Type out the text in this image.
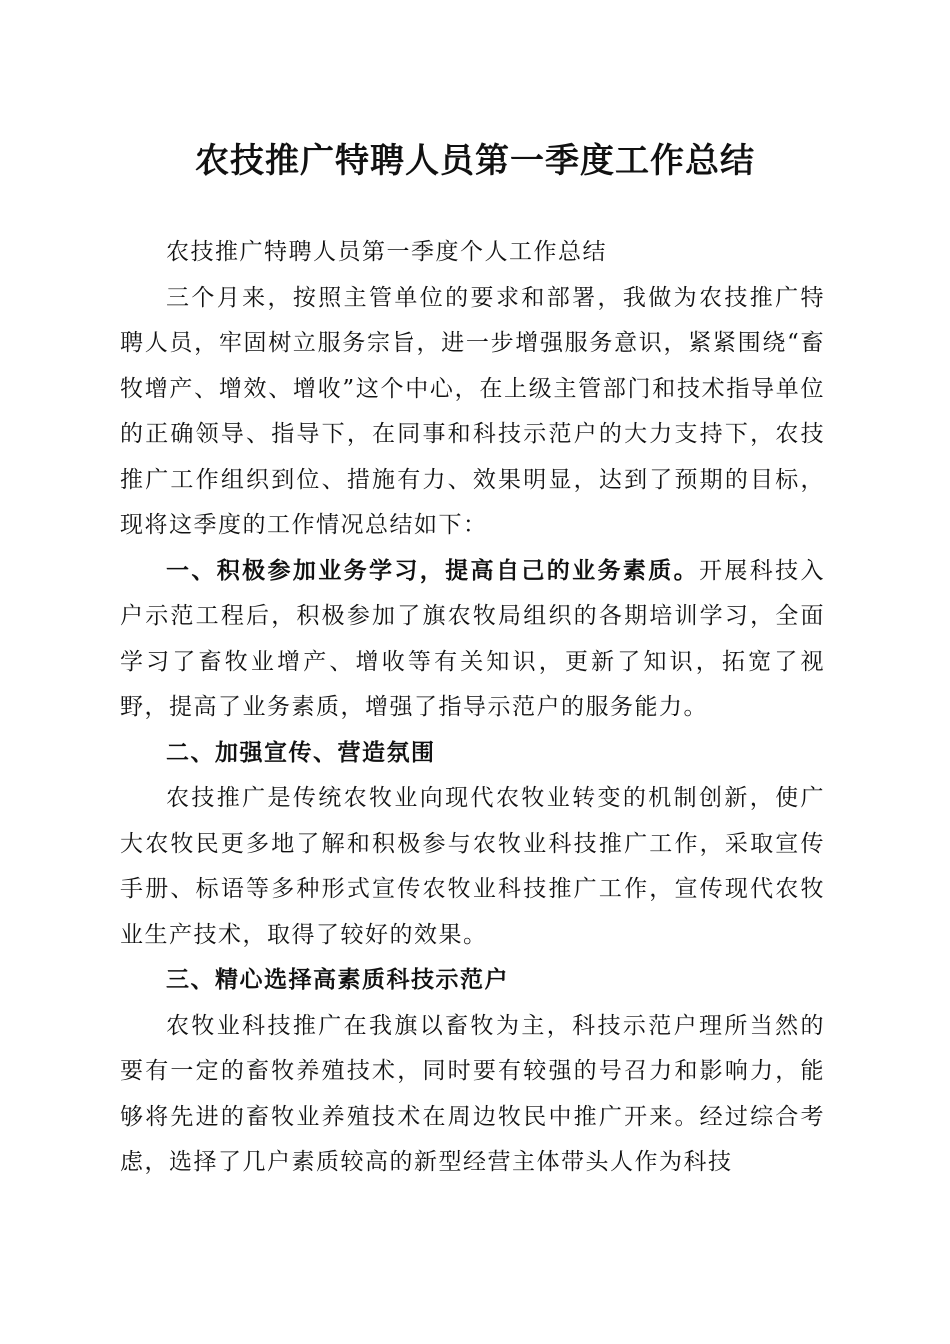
农技推广特聘人员第一季度工作总结

农技推广特聘人员第一季度个人工作总结

三个月来，按照主管单位的要求和部署，我做为农技推广特聘人员，牢固树立服务宗旨，进一步增强服务意识，紧紧围绕“畜牧增产、增效、增收”这个中心，在上级主管部门和技术指导单位的正确领导、指导下，在同事和科技示范户的大力支持下，农技推广工作组织到位、措施有力、效果明显，达到了预期的目标，现将这季度的工作情况总结如下：

一、积极参加业务学习，提高自己的业务素质。开展科技入户示范工程后，积极参加了旗农牧局组织的各期培训学习，全面学习了畜牧业增产、增收等有关知识，更新了知识，拓宽了视野，提高了业务素质，增强了指导示范户的服务能力。

二、加强宣传、营造氛围

农技推广是传统农牧业向现代农牧业转变的机制创新，使广大农牧民更多地了解和积极参与农牧业科技推广工作，采取宣传手册、标语等多种形式宣传农牧业科技推广工作，宣传现代农牧业生产技术，取得了较好的效果。

三、精心选择高素质科技示范户

农牧业科技推广在我旗以畜牧为主，科技示范户理所当然的要有一定的畜牧养殖技术，同时要有较强的号召力和影响力，能够将先进的畜牧业养殖技术在周边牧民中推广开来。经过综合考虑，选择了几户素质较高的新型经营主体带头人作为科技
